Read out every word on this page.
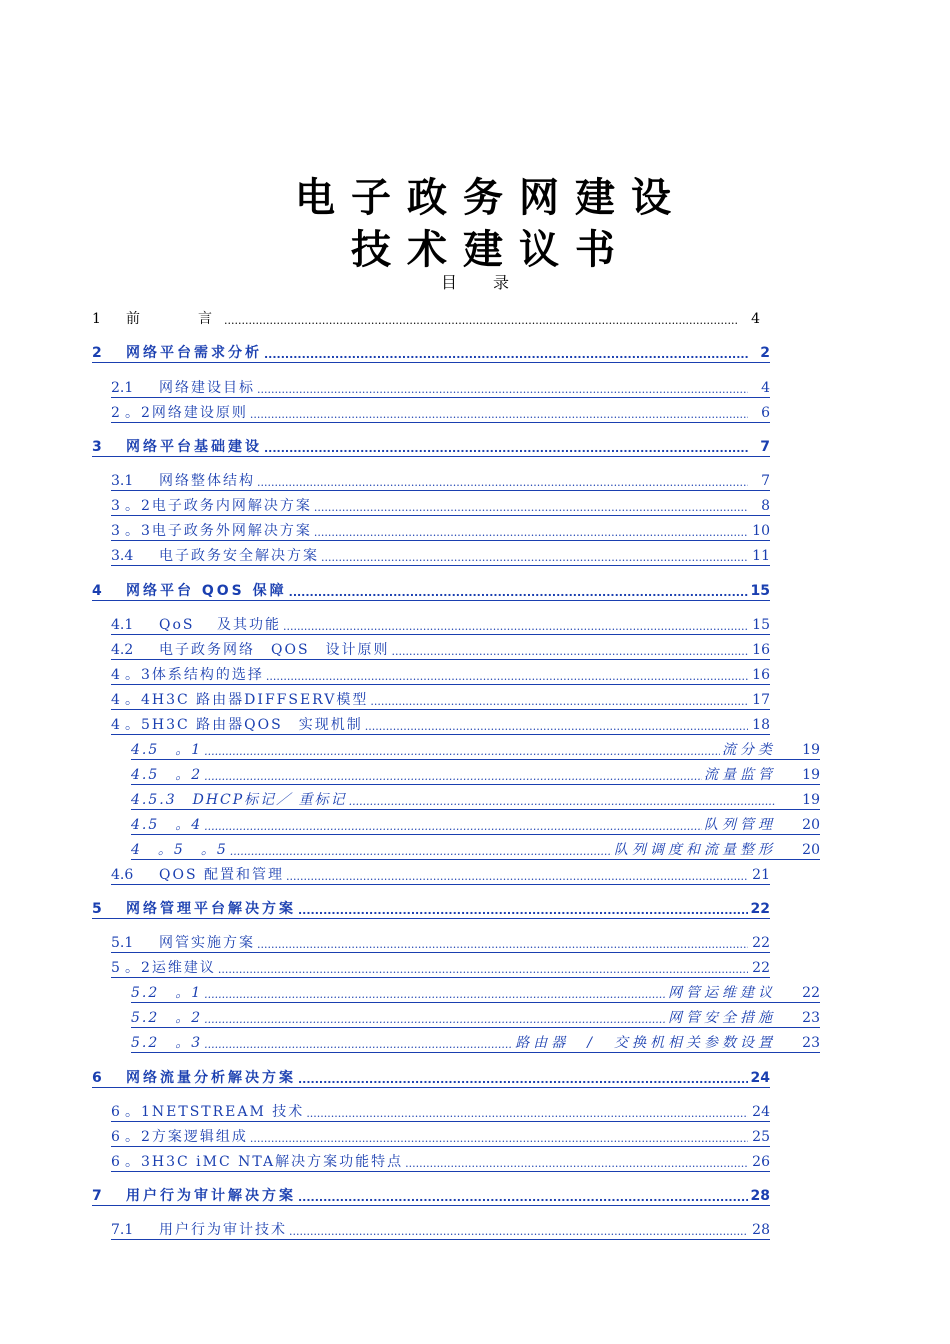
电子政务网建设
技术建议书
目录
1	前　　言 .....	4
2	网络平台需求分析 .....	2
2.1	网络建设目标 .....	4
2 。2网络建设原则 .....	6
3	网络平台基础建设 .....	7
3.1	网络整体结构 .....	7
3 。2电子政务内网解决方案 .....	8
3 。3电子政务外网解决方案 .....	10
3.4	电子政务安全解决方案 .....	11
4	网络平台 QOS 保障 .....	15
4.1	QoS　 及其功能 .....	15
4.2	电子政务网络　QOS　设计原则 .....	16
4 。3体系结构的选择 .....	16
4 。4H3C 路由器DIFFSERV模型 .....	17
4 。5H3C 路由器QOS　实现机制 .....	18
4.5　。1 .....	流分类 19
4.5　。2 .....	流量监管 19
4.5.3　DHCP标记／ 重标记 .....	19
4.5　。4 .....	队列管理 20
4　。5　。5 .....	队列调度和流量整形 20
4.6	QOS 配置和管理 .....	21
5	网络管理平台解决方案 .....	22
5.1	网管实施方案 .....	22
5 。2运维建议 .....	22
5.2　。1 .....	网管运维建议 22
5.2　。2 .....	网管安全措施 23
5.2　。3 .....	路由器　/　交换机相关参数设置 23
6	网络流量分析解决方案 .....	24
6 。1NETSTREAM 技术 .....	24
6 。2方案逻辑组成 .....	25
6 。3H3C iMC NTA解决方案功能特点 .....	26
7	用户行为审计解决方案 .....	28
7.1	用户行为审计技术 .....	28
